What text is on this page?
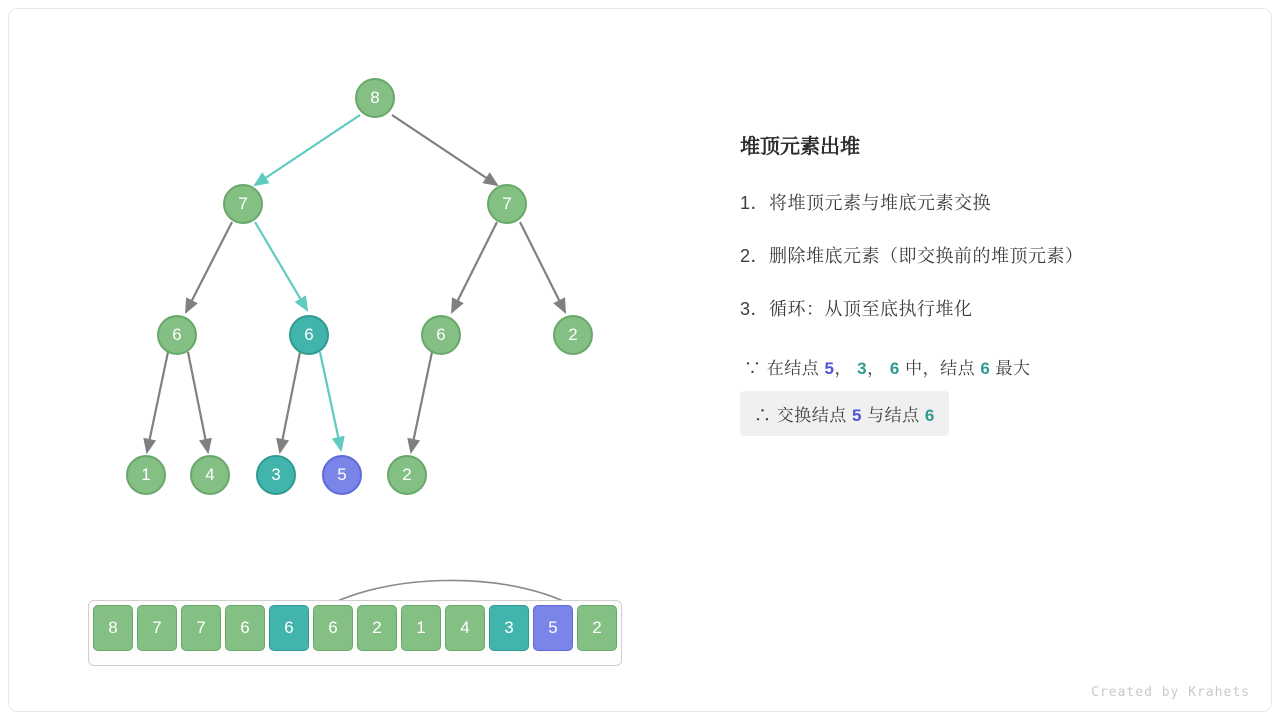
8
7	7
6	6	6	2
1	4	3	5	2
8	7	7	6	6	6	2	1	4	3	5	2
堆顶元素出堆
1．将堆顶元素与堆底元素交换
2．删除堆底元素（即交换前的堆顶元素）
3．循环：从顶至底执行堆化
∵ 在结点 5， 3， 6 中，结点 6 最大
∴ 交换结点 5 与结点 6
Created by Krahets
